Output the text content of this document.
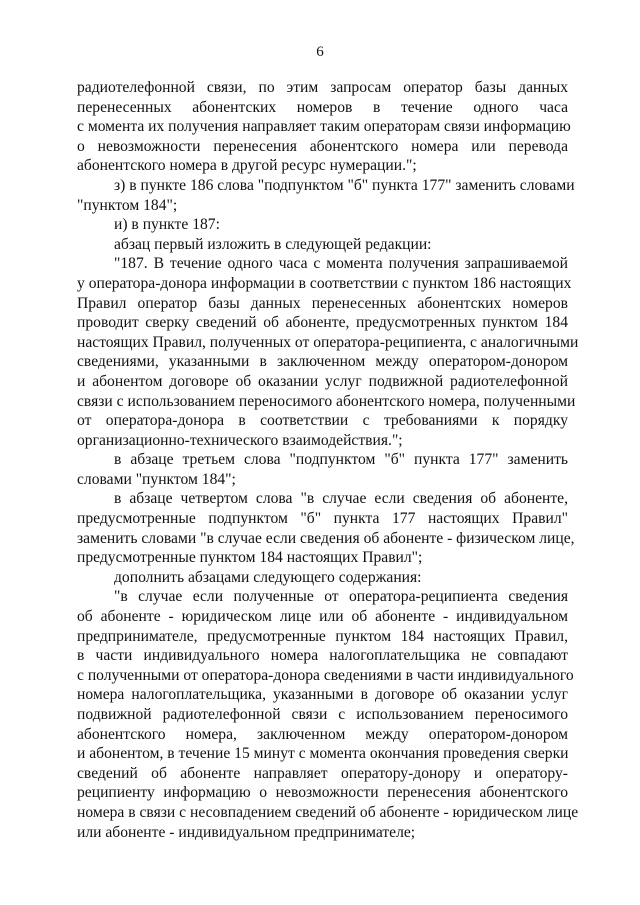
6
радиотелефонной связи, по этим запросам оператор базы данных
перенесенных абонентских номеров в течение одного часа
с момента их получения направляет таким операторам связи информацию
о невозможности перенесения абонентского номера или перевода
абонентского номера в другой ресурс нумерации.";
з) в пункте 186 слова "подпунктом "б" пункта 177" заменить словами
"пунктом 184";
и) в пункте 187:
абзац первый изложить в следующей редакции:
"187. В течение одного часа с момента получения запрашиваемой
у оператора-донора информации в соответствии с пунктом 186 настоящих
Правил оператор базы данных перенесенных абонентских номеров
проводит сверку сведений об абоненте, предусмотренных пунктом 184
настоящих Правил, полученных от оператора-реципиента, с аналогичными
сведениями, указанными в заключенном между оператором-донором
и абонентом договоре об оказании услуг подвижной радиотелефонной
связи с использованием переносимого абонентского номера, полученными
от оператора-донора в соответствии с требованиями к порядку
организационно-технического взаимодействия.";
в абзаце третьем слова "подпунктом "б" пункта 177" заменить
словами "пунктом 184";
в абзаце четвертом слова "в случае если сведения об абоненте,
предусмотренные подпунктом "б" пункта 177 настоящих Правил"
заменить словами "в случае если сведения об абоненте - физическом лице,
предусмотренные пунктом 184 настоящих Правил";
дополнить абзацами следующего содержания:
"в случае если полученные от оператора-реципиента сведения
об абоненте - юридическом лице или об абоненте - индивидуальном
предпринимателе, предусмотренные пунктом 184 настоящих Правил,
в части индивидуального номера налогоплательщика не совпадают
с полученными от оператора-донора сведениями в части индивидуального
номера налогоплательщика, указанными в договоре об оказании услуг
подвижной радиотелефонной связи с использованием переносимого
абонентского номера, заключенном между оператором-донором
и абонентом, в течение 15 минут с момента окончания проведения сверки
сведений об абоненте направляет оператору-донору и оператору-
реципиенту информацию о невозможности перенесения абонентского
номера в связи с несовпадением сведений об абоненте - юридическом лице
или абоненте - индивидуальном предпринимателе;
